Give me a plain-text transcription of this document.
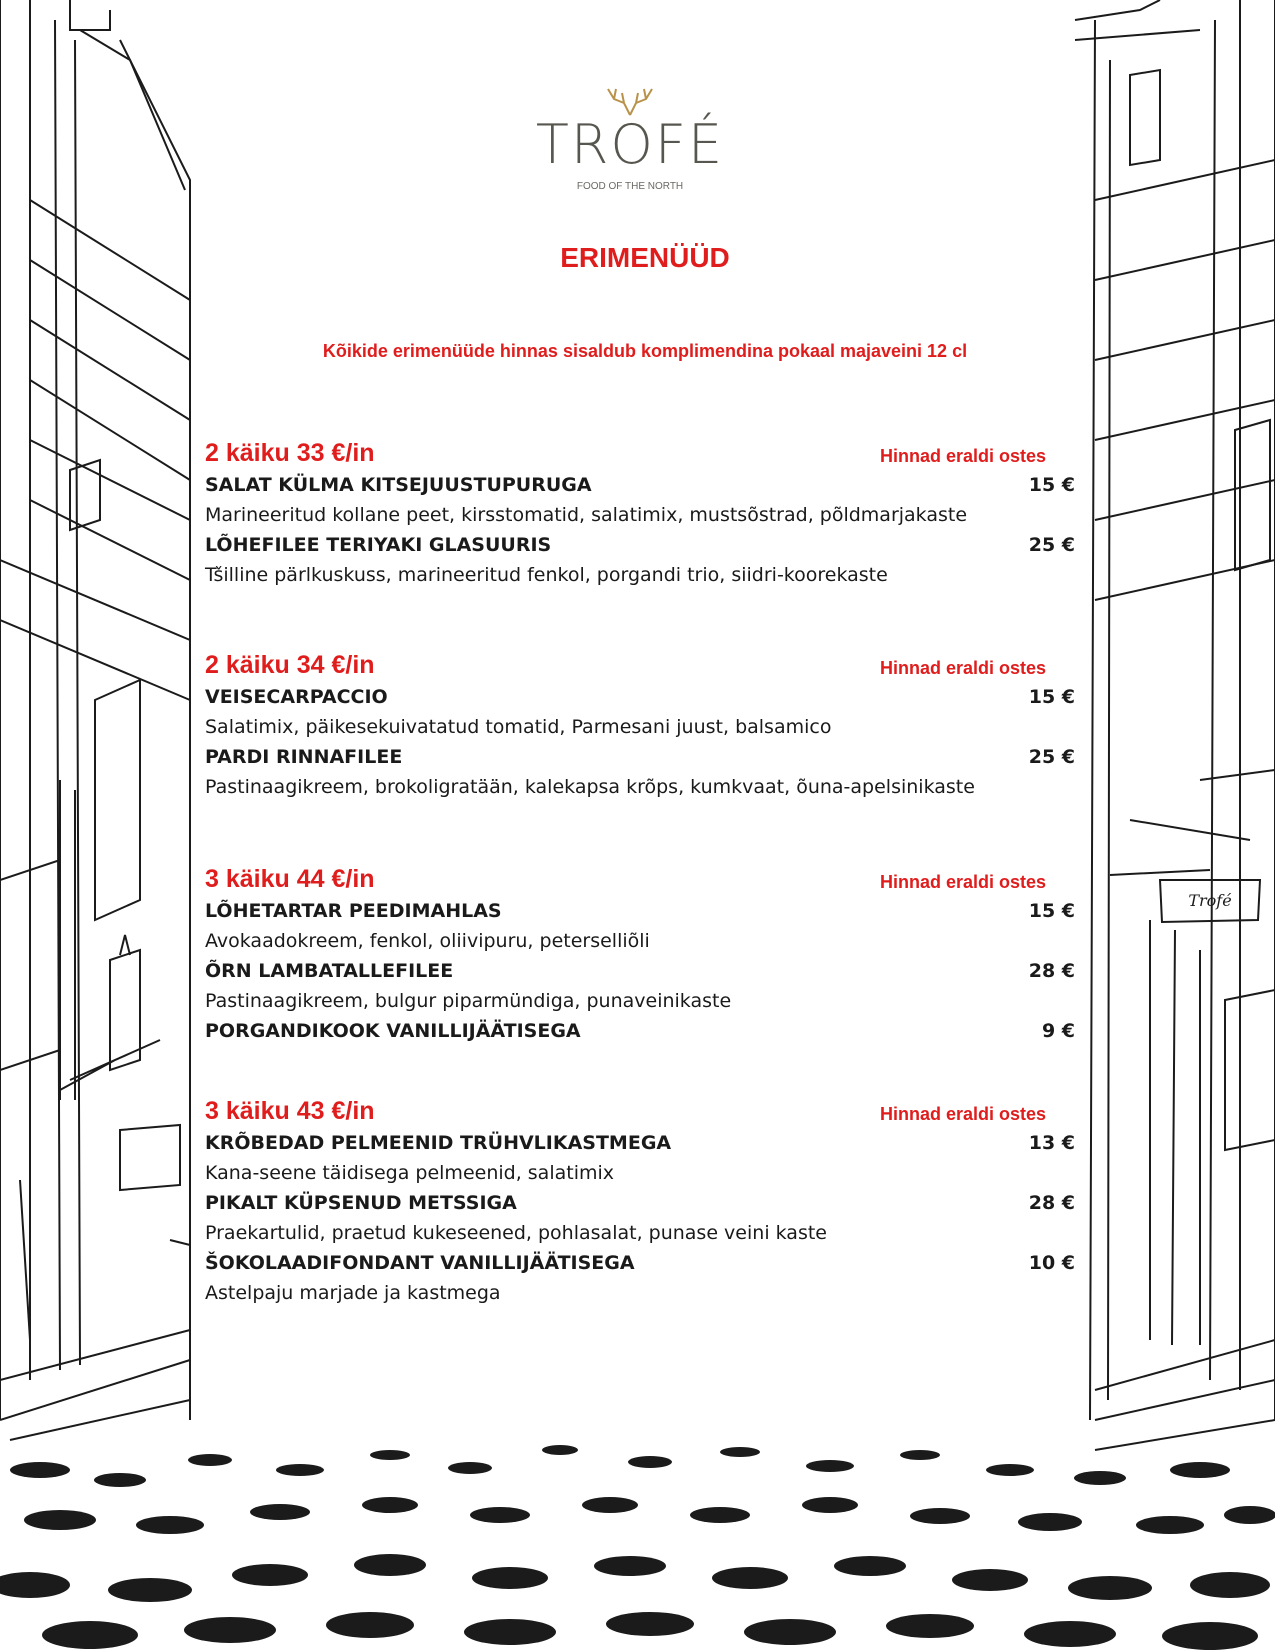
Trofé
TROFÉ
FOOD OF THE NORTH
ERIMENÜÜD
Kõikide erimenüüde hinnas sisaldub komplimendina pokaal majaveini 12 cl
2 käiku 33 €/in	Hinnad eraldi ostes
SALAT KÜLMA KITSEJUUSTUPURUGA	15 €
Marineeritud kollane peet, kirsstomatid, salatimix, mustsõstrad, põldmarjakaste
LÕHEFILEE TERIYAKI GLASUURIS	25 €
Tšilline pärlkuskuss, marineeritud fenkol, porgandi trio, siidri-koorekaste
2 käiku 34 €/in	Hinnad eraldi ostes
VEISECARPACCIO	15 €
Salatimix, päikesekuivatatud tomatid, Parmesani juust, balsamico
PARDI RINNAFILEE	25 €
Pastinaagikreem, brokoligratään, kalekapsa krõps, kumkvaat, õuna-apelsinikaste
3 käiku 44 €/in	Hinnad eraldi ostes
LÕHETARTAR PEEDIMAHLAS	15 €
Avokaadokreem, fenkol, oliivipuru, peterselliõli
ÕRN LAMBATALLEFILEE	28 €
Pastinaagikreem, bulgur piparmündiga, punaveinikaste
PORGANDIKOOK VANILLIJÄÄTISEGA	9 €
3 käiku 43 €/in	Hinnad eraldi ostes
KRÕBEDAD PELMEENID TRÜHVLIKASTMEGA	13 €
Kana-seene täidisega pelmeenid, salatimix
PIKALT KÜPSENUD METSSIGA	28 €
Praekartulid, praetud kukeseened, pohlasalat, punase veini kaste
ŠOKOLAADIFONDANT VANILLIJÄÄTISEGA	10 €
Astelpaju marjade ja kastmega
